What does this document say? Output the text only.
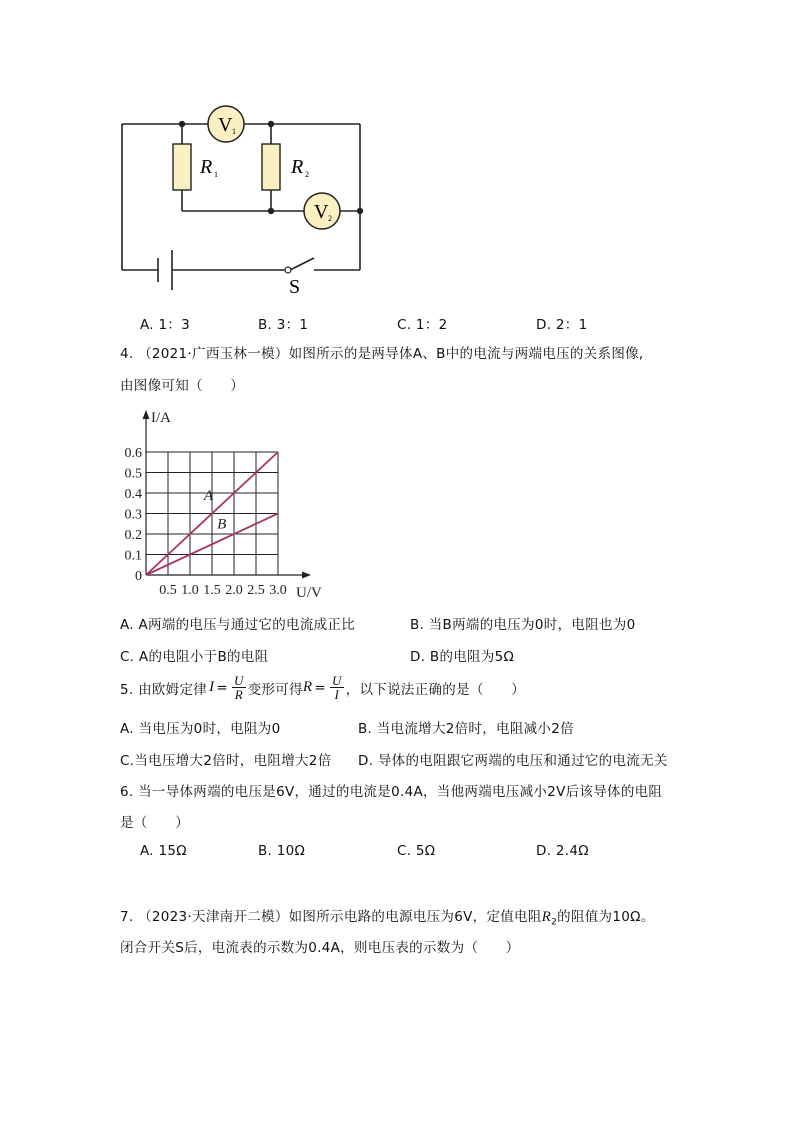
V 1
V 2
R 1	R 2
S
A. 1：3	B. 3：1	C. 1：2	D. 2：1
4. （2021·广西玉林一模）如图所示的是两导体A、B中的电流与两端电压的关系图像,
由图像可知（　　）
A
B
0
0.1
0.2
0.3
0.4
0.5
0.6
0.5 1.0 1.5 2.0 2.5 3.0
I/A
U/V
A. A两端的电压与通过它的电流成正比	B. 当B两端的电压为0时，电阻也为0
C. A的电阻小于B的电阻	D. B的电阻为5Ω
5. 由欧姆定律 $I = \frac{U}{R}$ 变形可得 $R = \frac{U}{I}$ ，以下说法正确的是（　　）
A. 当电压为0时，电阻为0	B. 当电流增大2倍时，电阻减小2倍
C.当电压增大2倍时，电阻增大2倍 D. 导体的电阻跟它两端的电压和通过它的电流无关
6. 当一导体两端的电压是6V，通过的电流是0.4A，当他两端电压减小2V后该导体的电阻
是（　　）
A. 15Ω	B. 10Ω	C. 5Ω	D. 2.4Ω
7. （2023·天津南开二模）如图所示电路的电源电压为6V，定值电阻$R_2$的阻值为10Ω。
闭合开关S后，电流表的示数为0.4A，则电压表的示数为（　　）
